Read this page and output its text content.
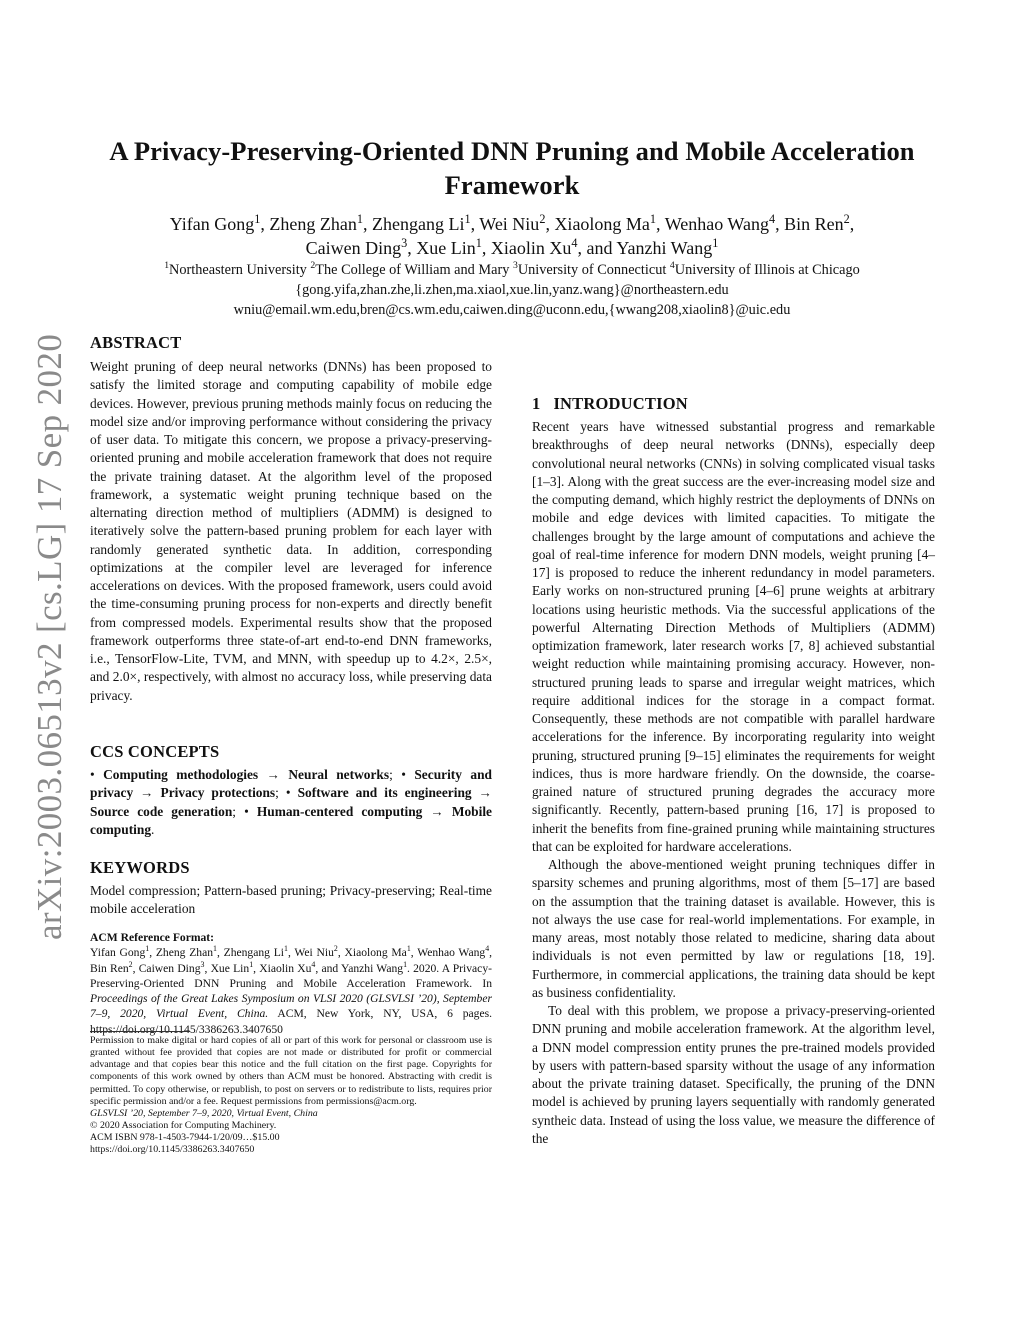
arXiv:2003.06513v2 [cs.LG] 17 Sep 2020
A Privacy-Preserving-Oriented DNN Pruning and Mobile Acceleration Framework
Yifan Gong$^1$, Zheng Zhan$^1$, Zhengang Li$^1$, Wei Niu$^2$, Xiaolong Ma$^1$, Wenhao Wang$^4$, Bin Ren$^2$,
Caiwen Ding$^3$, Xue Lin$^1$, Xiaolin Xu$^4$, and Yanzhi Wang$^1$
$^1$Northeastern University $^2$The College of William and Mary $^3$University of Connecticut $^4$University of Illinois at Chicago
{gong.yifa,zhan.zhe,li.zhen,ma.xiaol,xue.lin,yanz.wang}@northeastern.edu
wniu@email.wm.edu,bren@cs.wm.edu,caiwen.ding@uconn.edu,{wwang208,xiaolin8}@uic.edu
ABSTRACT

Weight pruning of deep neural networks (DNNs) has been proposed to satisfy the limited storage and computing capability of mobile edge devices. However, previous pruning methods mainly focus on reducing the model size and/or improving performance without considering the privacy of user data. To mitigate this concern, we propose a privacy-preserving-oriented pruning and mobile acceleration framework that does not require the private training dataset. At the algorithm level of the proposed framework, a systematic weight pruning technique based on the alternating direction method of multipliers (ADMM) is designed to iteratively solve the pattern-based pruning problem for each layer with randomly generated synthetic data. In addition, corresponding optimizations at the compiler level are leveraged for inference accelerations on devices. With the proposed framework, users could avoid the time-consuming pruning process for non-experts and directly benefit from compressed models. Experimental results show that the proposed framework outperforms three state-of-art end-to-end DNN frameworks, i.e., TensorFlow-Lite, TVM, and MNN, with speedup up to 4.2×, 2.5×, and 2.0×, respectively, with almost no accuracy loss, while preserving data privacy.

CCS CONCEPTS

• Computing methodologies → Neural networks; • Security and privacy → Privacy protections; • Software and its engineering → Source code generation; • Human-centered computing → Mobile computing.

KEYWORDS

Model compression; Pattern-based pruning; Privacy-preserving; Real-time mobile acceleration

ACM Reference Format:

Yifan Gong$^1$, Zheng Zhan$^1$, Zhengang Li$^1$, Wei Niu$^2$, Xiaolong Ma$^1$, Wenhao Wang$^4$, Bin Ren$^2$, Caiwen Ding$^3$, Xue Lin$^1$, Xiaolin Xu$^4$, and Yanzhi Wang$^1$. 2020. A Privacy-Preserving-Oriented DNN Pruning and Mobile Acceleration Framework. In Proceedings of the Great Lakes Symposium on VLSI 2020 (GLSVLSI ’20), September 7–9, 2020, Virtual Event, China. ACM, New York, NY, USA, 6 pages. https://doi.org/10.1145/3386263.3407650

Permission to make digital or hard copies of all or part of this work for personal or classroom use is granted without fee provided that copies are not made or distributed for profit or commercial advantage and that copies bear this notice and the full citation on the first page. Copyrights for components of this work owned by others than ACM must be honored. Abstracting with credit is permitted. To copy otherwise, or republish, to post on servers or to redistribute to lists, requires prior specific permission and/or a fee. Request permissions from permissions@acm.org.

GLSVLSI ’20, September 7–9, 2020, Virtual Event, China

© 2020 Association for Computing Machinery.

ACM ISBN 978-1-4503-7944-1/20/09…$15.00

https://doi.org/10.1145/3386263.3407650

1 INTRODUCTION

Recent years have witnessed substantial progress and remarkable breakthroughs of deep neural networks (DNNs), especially deep convolutional neural networks (CNNs) in solving complicated visual tasks [1–3]. Along with the great success are the ever-increasing model size and the computing demand, which highly restrict the deployments of DNNs on mobile and edge devices with limited capacities. To mitigate the challenges brought by the large amount of computations and achieve the goal of real-time inference for modern DNN models, weight pruning [4–17] is proposed to reduce the inherent redundancy in model parameters. Early works on non-structured pruning [4–6] prune weights at arbitrary locations using heuristic methods. Via the successful applications of the powerful Alternating Direction Methods of Multipliers (ADMM) optimization framework, later research works [7, 8] achieved substantial weight reduction while maintaining promising accuracy. However, non-structured pruning leads to sparse and irregular weight matrices, which require additional indices for the storage in a compact format. Consequently, these methods are not compatible with parallel hardware accelerations for the inference. By incorporating regularity into weight pruning, structured pruning [9–15] eliminates the requirements for weight indices, thus is more hardware friendly. On the downside, the coarse-grained nature of structured pruning degrades the accuracy more significantly. Recently, pattern-based pruning [16, 17] is proposed to inherit the benefits from fine-grained pruning while maintaining structures that can be exploited for hardware accelerations.

Although the above-mentioned weight pruning techniques differ in sparsity schemes and pruning algorithms, most of them [5–17] are based on the assumption that the training dataset is available. However, this is not always the use case for real-world implementations. For example, in many areas, most notably those related to medicine, sharing data about individuals is not even permitted by law or regulations [18, 19]. Furthermore, in commercial applications, the training data should be kept as business confidentiality.

To deal with this problem, we propose a privacy-preserving-oriented DNN pruning and mobile acceleration framework. At the algorithm level, a DNN model compression entity prunes the pre-trained models provided by users with pattern-based sparsity without the usage of any information about the private training dataset. Specifically, the pruning of the DNN model is achieved by pruning layers sequentially with randomly generated syntheic data. Instead of using the loss value, we measure the difference of the
